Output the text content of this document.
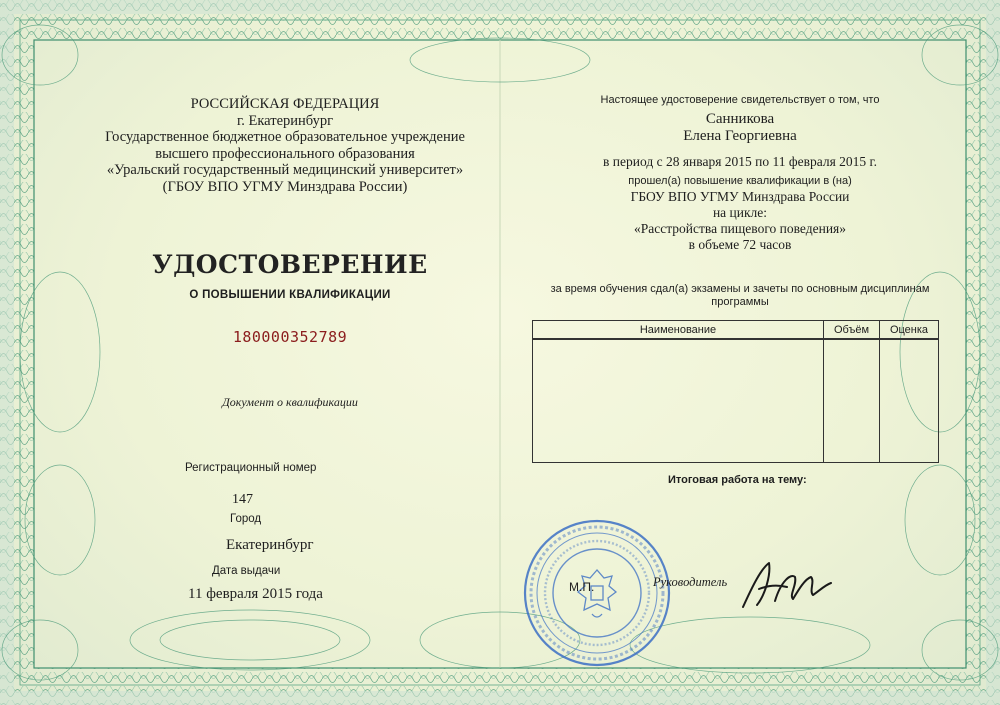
РОССИЙСКАЯ ФЕДЕРАЦИЯ
г. Екатеринбург
Государственное бюджетное образовательное учреждение
высшего профессионального образования
«Уральский государственный медицинский университет»
(ГБОУ ВПО УГМУ Минздрава России)
УДОСТОВЕРЕНИЕ
О ПОВЫШЕНИИ КВАЛИФИКАЦИИ
180000352789
Документ о квалификации
Регистрационный номер
147
Город
Екатеринбург
Дата выдачи
11 февраля 2015 года
Настоящее удостоверение свидетельствует о том, что
Санникова
Елена Георгиевна
в период с 28 января 2015 по 11 февраля 2015 г.
прошел(а) повышение квалификации в (на)
ГБОУ ВПО УГМУ Минздрава России
на цикле:
«Расстройства пищевого поведения»
в объеме 72 часов
за время обучения сдал(а) экзамены и зачеты по основным дисциплинам
программы
Наименование	Объём	Оценка

Итоговая работа на тему:
М.П.	Руководитель
